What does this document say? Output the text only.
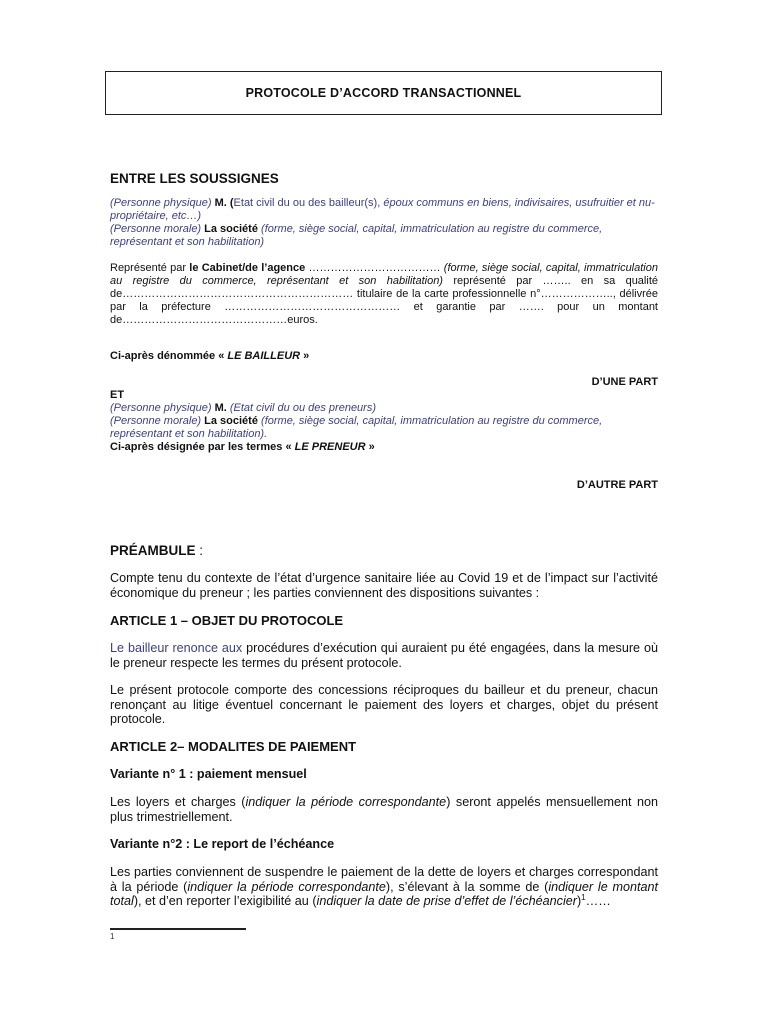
PROTOCOLE D’ACCORD TRANSACTIONNEL
ENTRE LES SOUSSIGNES
(Personne physique) M. (Etat civil du ou des bailleur(s), époux communs en biens, indivisaires, usufruitier et nu-propriétaire, etc…)
(Personne morale) La société (forme, siège social, capital, immatriculation au registre du commerce, représentant et son habilitation)
Représenté par le Cabinet/de l’agence ……………………………… (forme, siège social, capital, immatriculation au registre du commerce, représentant et son habilitation) représenté par …….. en sa qualité de……………………………………………………… titulaire de la carte professionnelle n°……………….., délivrée par la préfecture ………………………………………… et garantie par ……. pour un montant de………………………………………euros.
Ci-après dénommée « LE BAILLEUR »
D’UNE PART
ET
(Personne physique) M. (Etat civil du ou des preneurs)
(Personne morale) La société (forme, siège social, capital, immatriculation au registre du commerce, représentant et son habilitation).
Ci-après désignée par les termes « LE PRENEUR »
D’AUTRE PART
PRÉAMBULE :
Compte tenu du contexte de l’état d’urgence sanitaire liée au Covid 19 et de l’impact sur l’activité économique du preneur ; les parties conviennent des dispositions suivantes :
ARTICLE 1 – OBJET DU PROTOCOLE
Le bailleur renonce aux procédures d’exécution qui auraient pu été engagées, dans la mesure où le preneur respecte les termes du présent protocole.
Le présent protocole comporte des concessions réciproques du bailleur et du preneur, chacun renonçant au litige éventuel concernant le paiement des loyers et charges, objet du présent protocole.
ARTICLE 2– MODALITES DE PAIEMENT
Variante n° 1 : paiement mensuel
Les loyers et charges (indiquer la période correspondante) seront appelés mensuellement non plus trimestriellement.
Variante n°2 : Le report de l’échéance
Les parties conviennent de suspendre le paiement de la dette de loyers et charges correspondant à la période (indiquer la période correspondante), s’élevant à la somme de (indiquer le montant total), et d’en reporter l’exigibilité au (indiquer la date de prise d’effet de l’échéancier)$^1$……
1
